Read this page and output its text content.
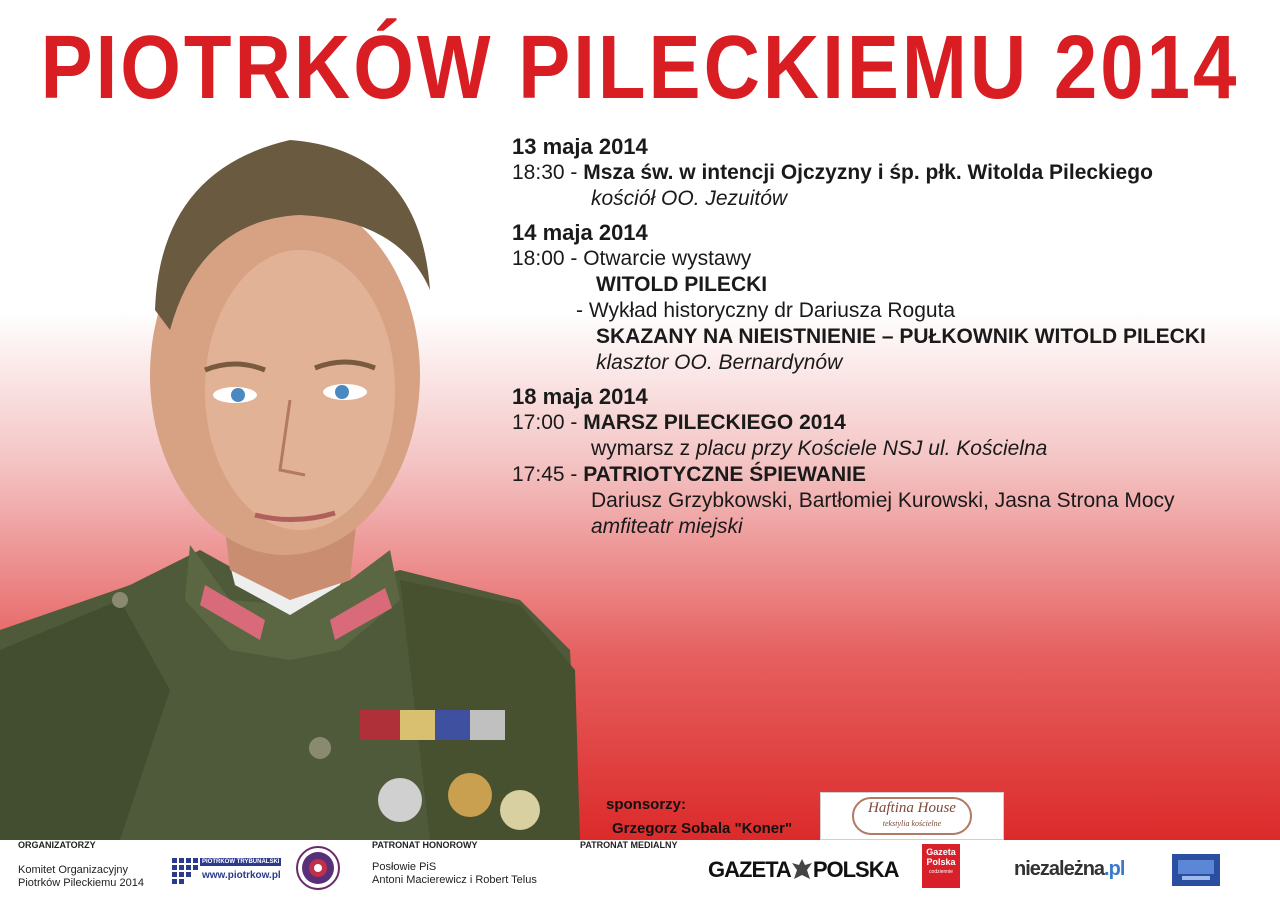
PIOTRKÓW PILECKIEMU 2014
13 maja 2014
18:30 - Msza św. w intencji Ojczyzny i śp. płk. Witolda Pileckiego
kościół OO. Jezuitów
14 maja 2014
18:00 - Otwarcie wystawy
WITOLD PILECKI
- Wykład historyczny dr Dariusza Roguta
SKAZANY NA NIEISTNIENIE – PUŁKOWNIK WITOLD PILECKI
klasztor OO. Bernardynów
18 maja 2014
17:00 - MARSZ PILECKIEGO 2014
wymarsz z placu przy Kościele NSJ ul. Kościelna
17:45 - PATRIOTYCZNE ŚPIEWANIE
Dariusz Grzybkowski, Bartłomiej Kurowski, Jasna Strona Mocy
amfiteatr miejski
sponsorzy:
Grzegorz Sobala "Koner"
Haftina House
tekstylia kościelne
ORGANIZATORZY
Komitet Organizacyjny
Piotrków Pileckiemu 2014
PIOTRKÓW TRYBUNALSKI
www.piotrkow.pl
PATRONAT HONOROWY
Posłowie PiS
Antoni Macierewicz i Robert Telus
PATRONAT MEDIALNY
GAZETA POLSKA
Gazeta
Polska
codziennie	niezależna.pl
